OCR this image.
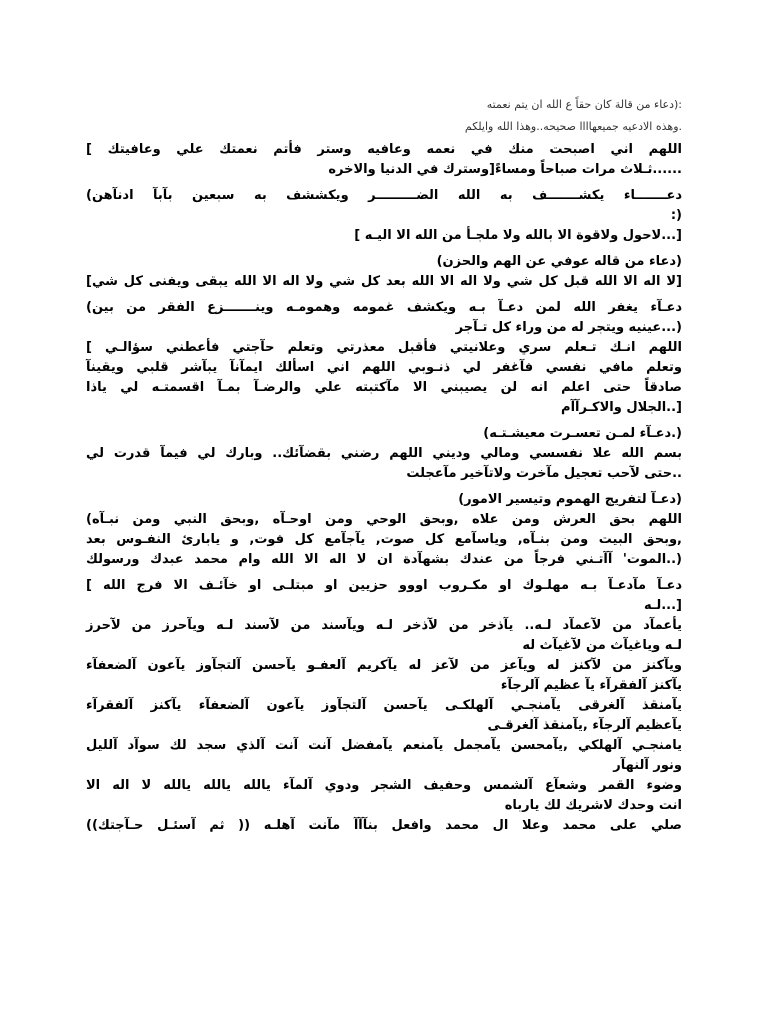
:(دعاء من قالة كان حقاً ع الله ان يتم نعمته

.وهذه الادعيه جميعهاااا صحيحه..وهذا الله وايلكم

اللهم اني اصبحت منك في نعمه وعافيه وستر فأتم نعمتك علي وعافيتك ]

......ثـلاث مرات صباحاً ومساءً[وسترك في الدنيا والاخره

دعـــــــاء يكشـــــــف به الله الضـــــــــر ويكششف به سبعين بآبآ ادنآهن)

(:

[...لاحول ولاقوة الا بالله ولا ملجـأ من الله الا اليـه ]

(دعاء من قاله عوفي عن الهم والحزن)

[لا اله الا الله قبل كل شي ولا اله الا الله بعد كل شي ولا اله الا الله يبقى ويفنى كل شي]

دعـآء يغفر الله لمن دعـآ بـه ويكشف غمومه وهمومـه وينـــــــزع الفقر من بين)

(...عينيه ويتجر له من وراء كل تـآجر

اللهم انـك تـعلم سري وعلانيتي فأقبل معذرتي وتعلم حآجتي فأعطني سؤالـي ]

وتعلم مافي نفسي فآغفر لي ذنـوبي اللهم اني اسألك ايمآنآ يبآشر قلبي ويقينآ

صادقاً حتى اعلم انه لن يصيبني الا مآكتبته علي والرضـآ بمـآ اقسمتـه لي ياذا

[..الجلال والاكـرآآم

(.دعـآء لمـن تعسـرت معيشـتـه)

بسم الله علا نفسسي ومالي وديني اللهم رضني بقضآئك.. وبارك لي فيمآ قدرت لي

..حتى لآحب تعجيل مآخرت ولاتآخير مآعجلت

(دعـآ لتفريج الهموم وتيسير الامور)

اللهم بحق العرش ومن علاه ,وبحق الوحي ومن اوحـآه ,وبحق النبي ومن نبـآه)

,وبحق البيت ومن بنـآه, وياسآمع كل صوت, يآجآمع كل فوت, و يابارئ النفـوس بعد

(..الموت' آآتـني فرجاً من عندك بشهآدة ان لا اله الا الله وام محمد عبدك ورسولك

دعـآ مآدعـآ بـه مهلـوك او مكـروب اووو حزيين او مبتلـى او خآئـف الا فرج الله ]

[...لـه

يأعمآد من لآعمآد لـه.. يآذخر من لآذخر لـه ويآسند من لآسند لـه ويآحرز من لآحرز

لـه وياغيآث من لآغيآث له

ويآكنز من لآكنز له ويآعز من لآعز له يآكريم آلعفـو يآحسن آلتجآوز يآعون آلضعفآء

يآكنز آلفقرآء يآ عظيم آلرجآء

يآمنقذ آلغرقى يآمنجـي آلهلكـى يآحسن آلتجآوز يآعون آلضعفآء يآكنز آلفقرآء

يآعظيم آلرجآء ,يآمنقذ آلغرقـى

يامنجـي آلهلكي ,يآمحسن يآمجمل يآمنعم يآمفضل آنت آنت آلذي سجد لك سوآد آلليل

ونور آلنهآر

وضوء القمر وشعآع آلشمس وحفيف الشجر ودوي آلمآء يالله يالله يالله لا اله الا

انت وحدك لاشريك لك يارباه

صلي على محمد وعلا ال محمد وافعل بنآآآ مآنت آهلـه (( ثم آسئـل حـآجتك))
